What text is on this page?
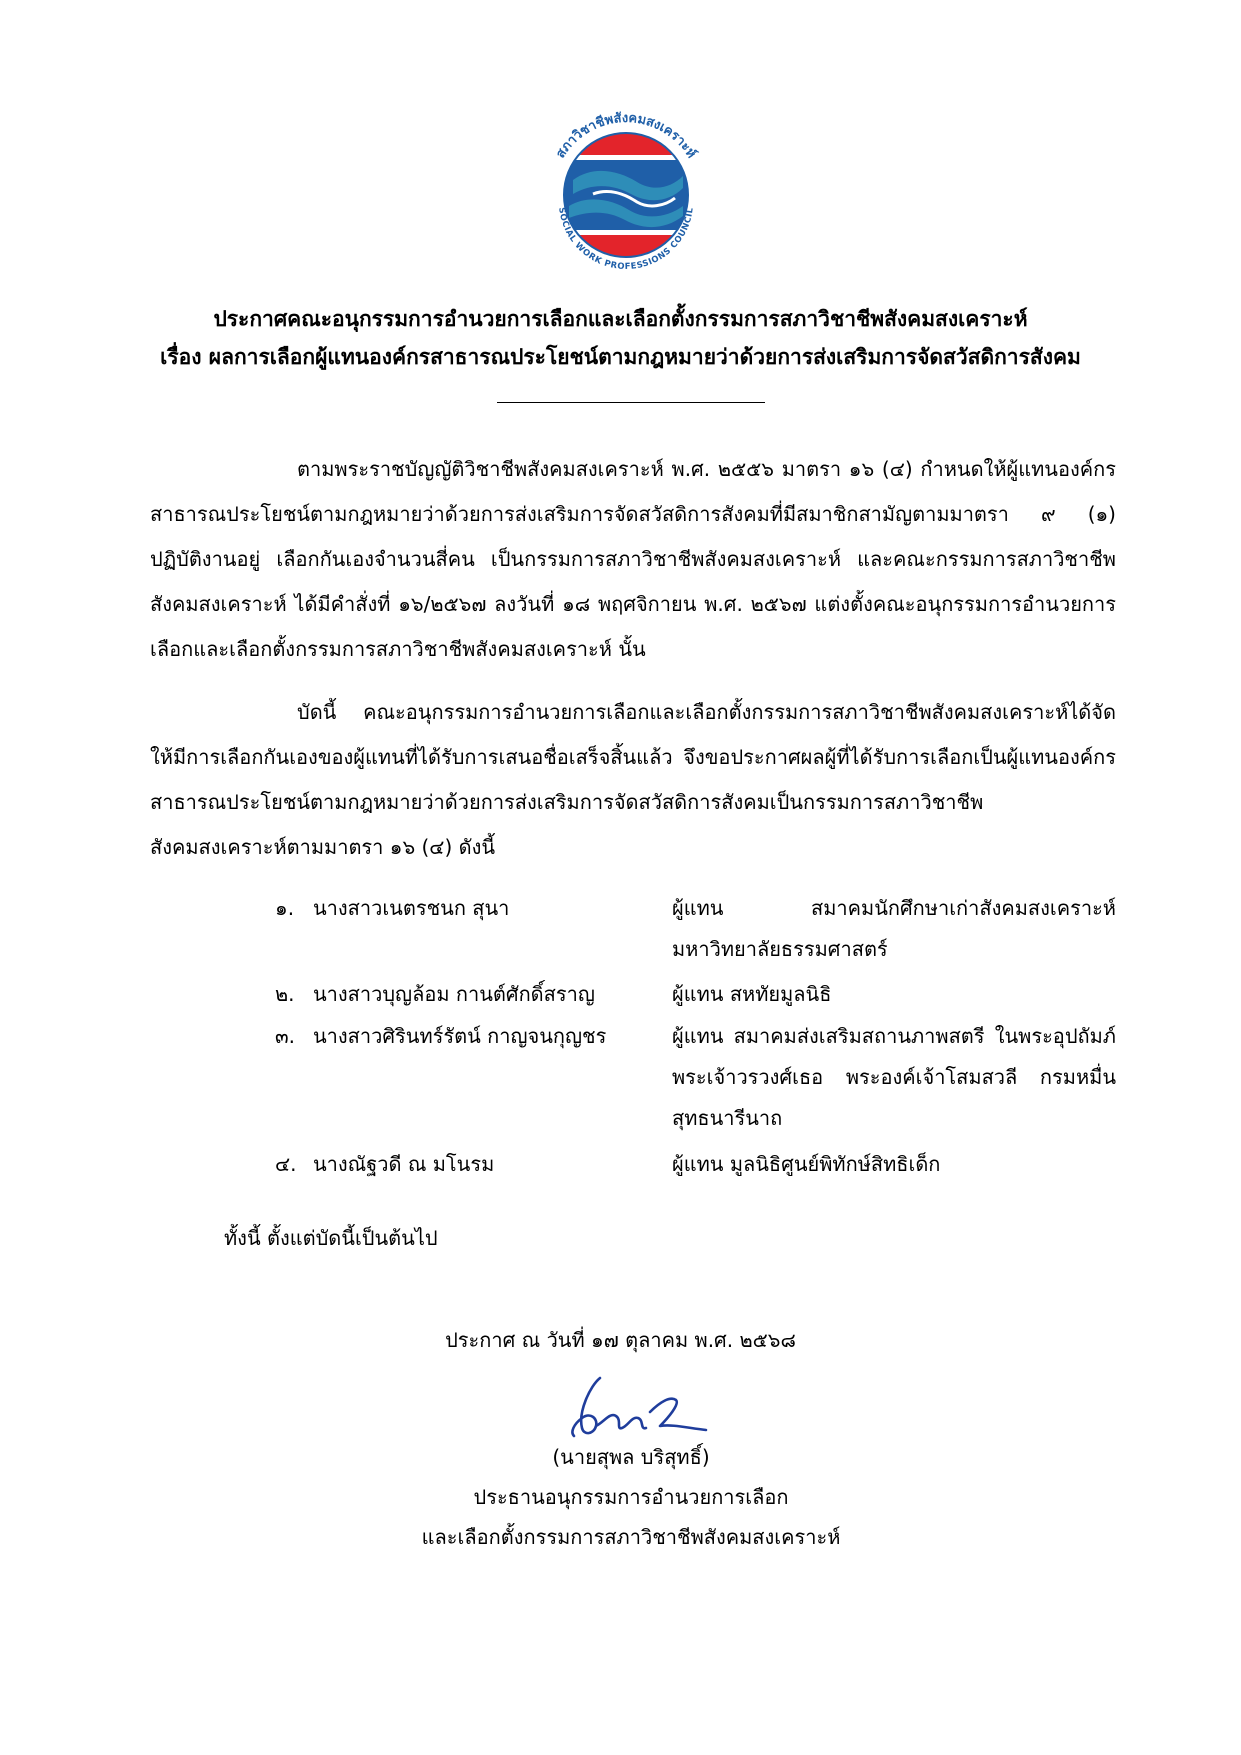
สภาวิชาชีพสังคมสงเคราะห์
SOCIAL WORK PROFESSIONS COUNCIL
ประกาศคณะอนุกรรมการอำนวยการเลือกและเลือกตั้งกรรมการสภาวิชาชีพสังคมสงเคราะห์
เรื่อง ผลการเลือกผู้แทนองค์กรสาธารณประโยชน์ตามกฎหมายว่าด้วยการส่งเสริมการจัดสวัสดิการสังคม
ตามพระราชบัญญัติวิชาชีพสังคมสงเคราะห์ พ.ศ. ๒๕๕๖ มาตรา ๑๖ (๔) กำหนดให้ผู้แทนองค์กรสาธารณประโยชน์ตามกฎหมายว่าด้วยการส่งเสริมการจัดสวัสดิการสังคมที่มีสมาชิกสามัญตามมาตรา ๙ (๑) ปฏิบัติงานอยู่ เลือกกันเองจำนวนสี่คน เป็นกรรมการสภาวิชาชีพสังคมสงเคราะห์ และคณะกรรมการสภาวิชาชีพสังคมสงเคราะห์ ได้มีคำสั่งที่ ๑๖/๒๕๖๗ ลงวันที่ ๑๘ พฤศจิกายน พ.ศ. ๒๕๖๗ แต่งตั้งคณะอนุกรรมการอำนวยการเลือกและเลือกตั้งกรรมการสภาวิชาชีพสังคมสงเคราะห์ นั้น
บัดนี้ คณะอนุกรรมการอำนวยการเลือกและเลือกตั้งกรรมการสภาวิชาชีพสังคมสงเคราะห์ได้จัดให้มีการเลือกกันเองของผู้แทนที่ได้รับการเสนอชื่อเสร็จสิ้นแล้ว จึงขอประกาศผลผู้ที่ได้รับการเลือกเป็นผู้แทนองค์กรสาธารณประโยชน์ตามกฎหมายว่าด้วยการส่งเสริมการจัดสวัสดิการสังคมเป็นกรรมการสภาวิชาชีพสังคมสงเคราะห์ตามมาตรา ๑๖ (๔) ดังนี้
๑. นางสาวเนตรชนก สุนา	ผู้แทน สมาคมนักศึกษาเก่าสังคมสงเคราะห์ มหาวิทยาลัยธรรมศาสตร์
๒. นางสาวบุญล้อม กานต์ศักดิ์สราญ	ผู้แทน สหทัยมูลนิธิ
๓. นางสาวศิรินทร์รัตน์ กาญจนกุญชร	ผู้แทน สมาคมส่งเสริมสถานภาพสตรี ในพระอุปถัมภ์ พระเจ้าวรวงศ์เธอ พระองค์เจ้าโสมสวลี กรมหมื่นสุทธนารีนาถ
๔. นางณัฐวดี ณ มโนรม	ผู้แทน มูลนิธิศูนย์พิทักษ์สิทธิเด็ก
ทั้งนี้ ตั้งแต่บัดนี้เป็นต้นไป
ประกาศ ณ วันที่ ๑๗ ตุลาคม พ.ศ. ๒๕๖๘
(นายสุพล บริสุทธิ์)
ประธานอนุกรรมการอำนวยการเลือก
และเลือกตั้งกรรมการสภาวิชาชีพสังคมสงเคราะห์
